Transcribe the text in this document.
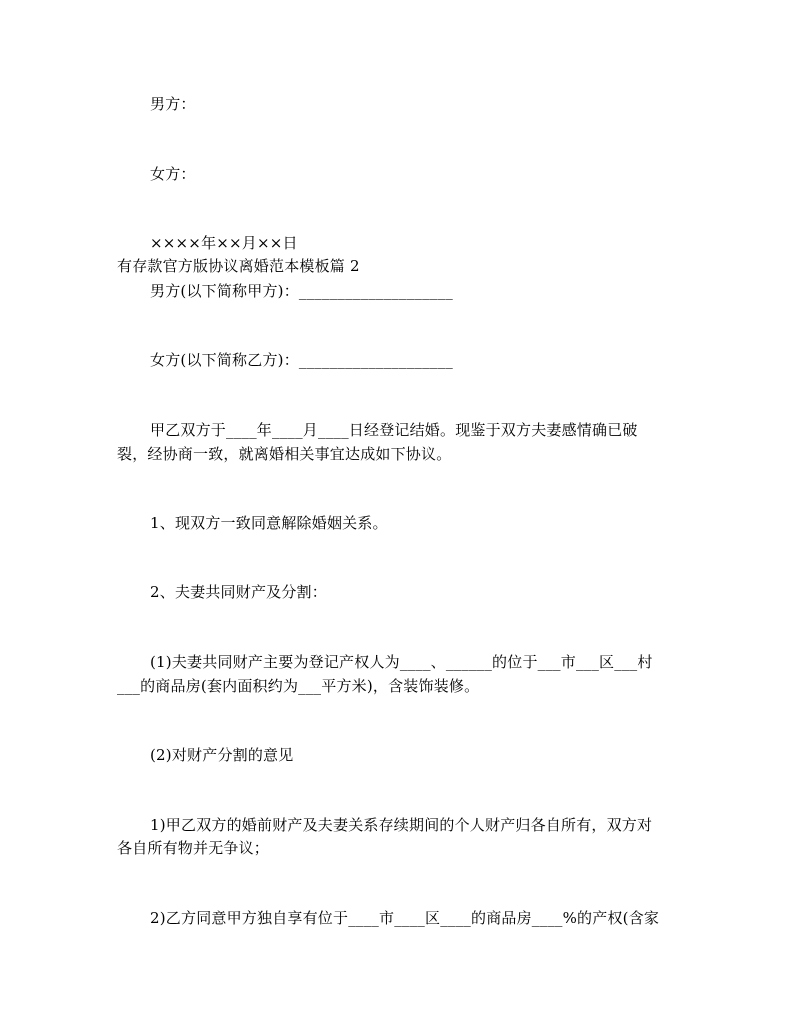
男方：
女方：
××××年××月××日
有存款官方版协议离婚范本模板篇 2
男方(以下简称甲方)：____________________
女方(以下简称乙方)：____________________
甲乙双方于____年____月____日经登记结婚。现鉴于双方夫妻感情确已破
裂，经协商一致，就离婚相关事宜达成如下协议。
1、现双方一致同意解除婚姻关系。
2、夫妻共同财产及分割：
(1)夫妻共同财产主要为登记产权人为____、______的位于___市___区___村
___的商品房(套内面积约为___平方米)，含装饰装修。
(2)对财产分割的意见
1)甲乙双方的婚前财产及夫妻关系存续期间的个人财产归各自所有，双方对
各自所有物并无争议；
2)乙方同意甲方独自享有位于____市____区____的商品房____%的产权(含家
